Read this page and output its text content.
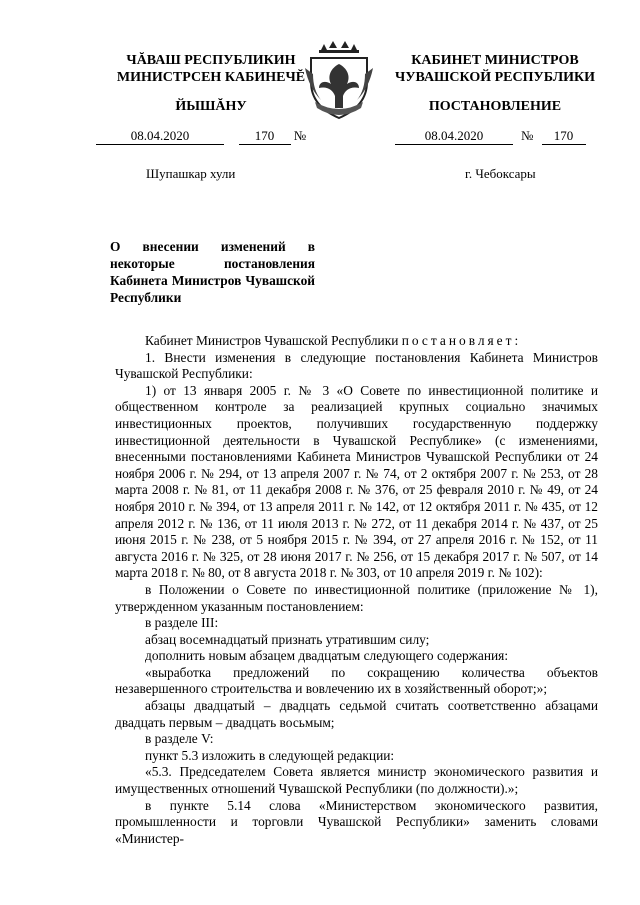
ЧĂВАШ РЕСПУБЛИКИН
МИНИСТРСЕН КАБИНЕЧĔ
ЙЫШĂНУ
КАБИНЕТ МИНИСТРОВ
ЧУВАШСКОЙ РЕСПУБЛИКИ
ПОСТАНОВЛЕНИЕ
08.04.2020	170 №	08.04.2020	№ 170
Шупашкар хули	г. Чебоксары
О внесении изменений в некоторые постановления Кабинета Министров Чувашской Республики

Кабинет Министров Чувашской Республики постановляет:

1. Внести изменения в следующие постановления Кабинета Министров Чувашской Республики:

1) от 13 января 2005 г. № 3 «О Совете по инвестиционной политике и общественном контроле за реализацией крупных социально значимых инвестиционных проектов, получивших государственную поддержку инвестиционной деятельности в Чувашской Республике» (с изменениями, внесенными постановлениями Кабинета Министров Чувашской Республики от 24 ноября 2006 г. № 294, от 13 апреля 2007 г. № 74, от 2 октября 2007 г. № 253, от 28 марта 2008 г. № 81, от 11 декабря 2008 г. № 376, от 25 февраля 2010 г. № 49, от 24 ноября 2010 г. № 394, от 13 апреля 2011 г. № 142, от 12 октября 2011 г. № 435, от 12 апреля 2012 г. № 136, от 11 июля 2013 г. № 272, от 11 декабря 2014 г. № 437, от 25 июня 2015 г. № 238, от 5 ноября 2015 г. № 394, от 27 апреля 2016 г. № 152, от 11 августа 2016 г. № 325, от 28 июня 2017 г. № 256, от 15 декабря 2017 г. № 507, от 14 марта 2018 г. № 80, от 8 августа 2018 г. № 303, от 10 апреля 2019 г. № 102):

в Положении о Совете по инвестиционной политике (приложение № 1), утвержденном указанным постановлением:

в разделе III:

абзац восемнадцатый признать утратившим силу;

дополнить новым абзацем двадцатым следующего содержания:

«выработка предложений по сокращению количества объектов незавершенного строительства и вовлечению их в хозяйственный оборот;»;

абзацы двадцатый – двадцать седьмой считать соответственно абзацами двадцать первым – двадцать восьмым;

в разделе V:

пункт 5.3 изложить в следующей редакции:

«5.3. Председателем Совета является министр экономического развития и имущественных отношений Чувашской Республики (по должности).»;

в пункте 5.14 слова «Министерством экономического развития, промышленности и торговли Чувашской Республики» заменить словами «Министер-
